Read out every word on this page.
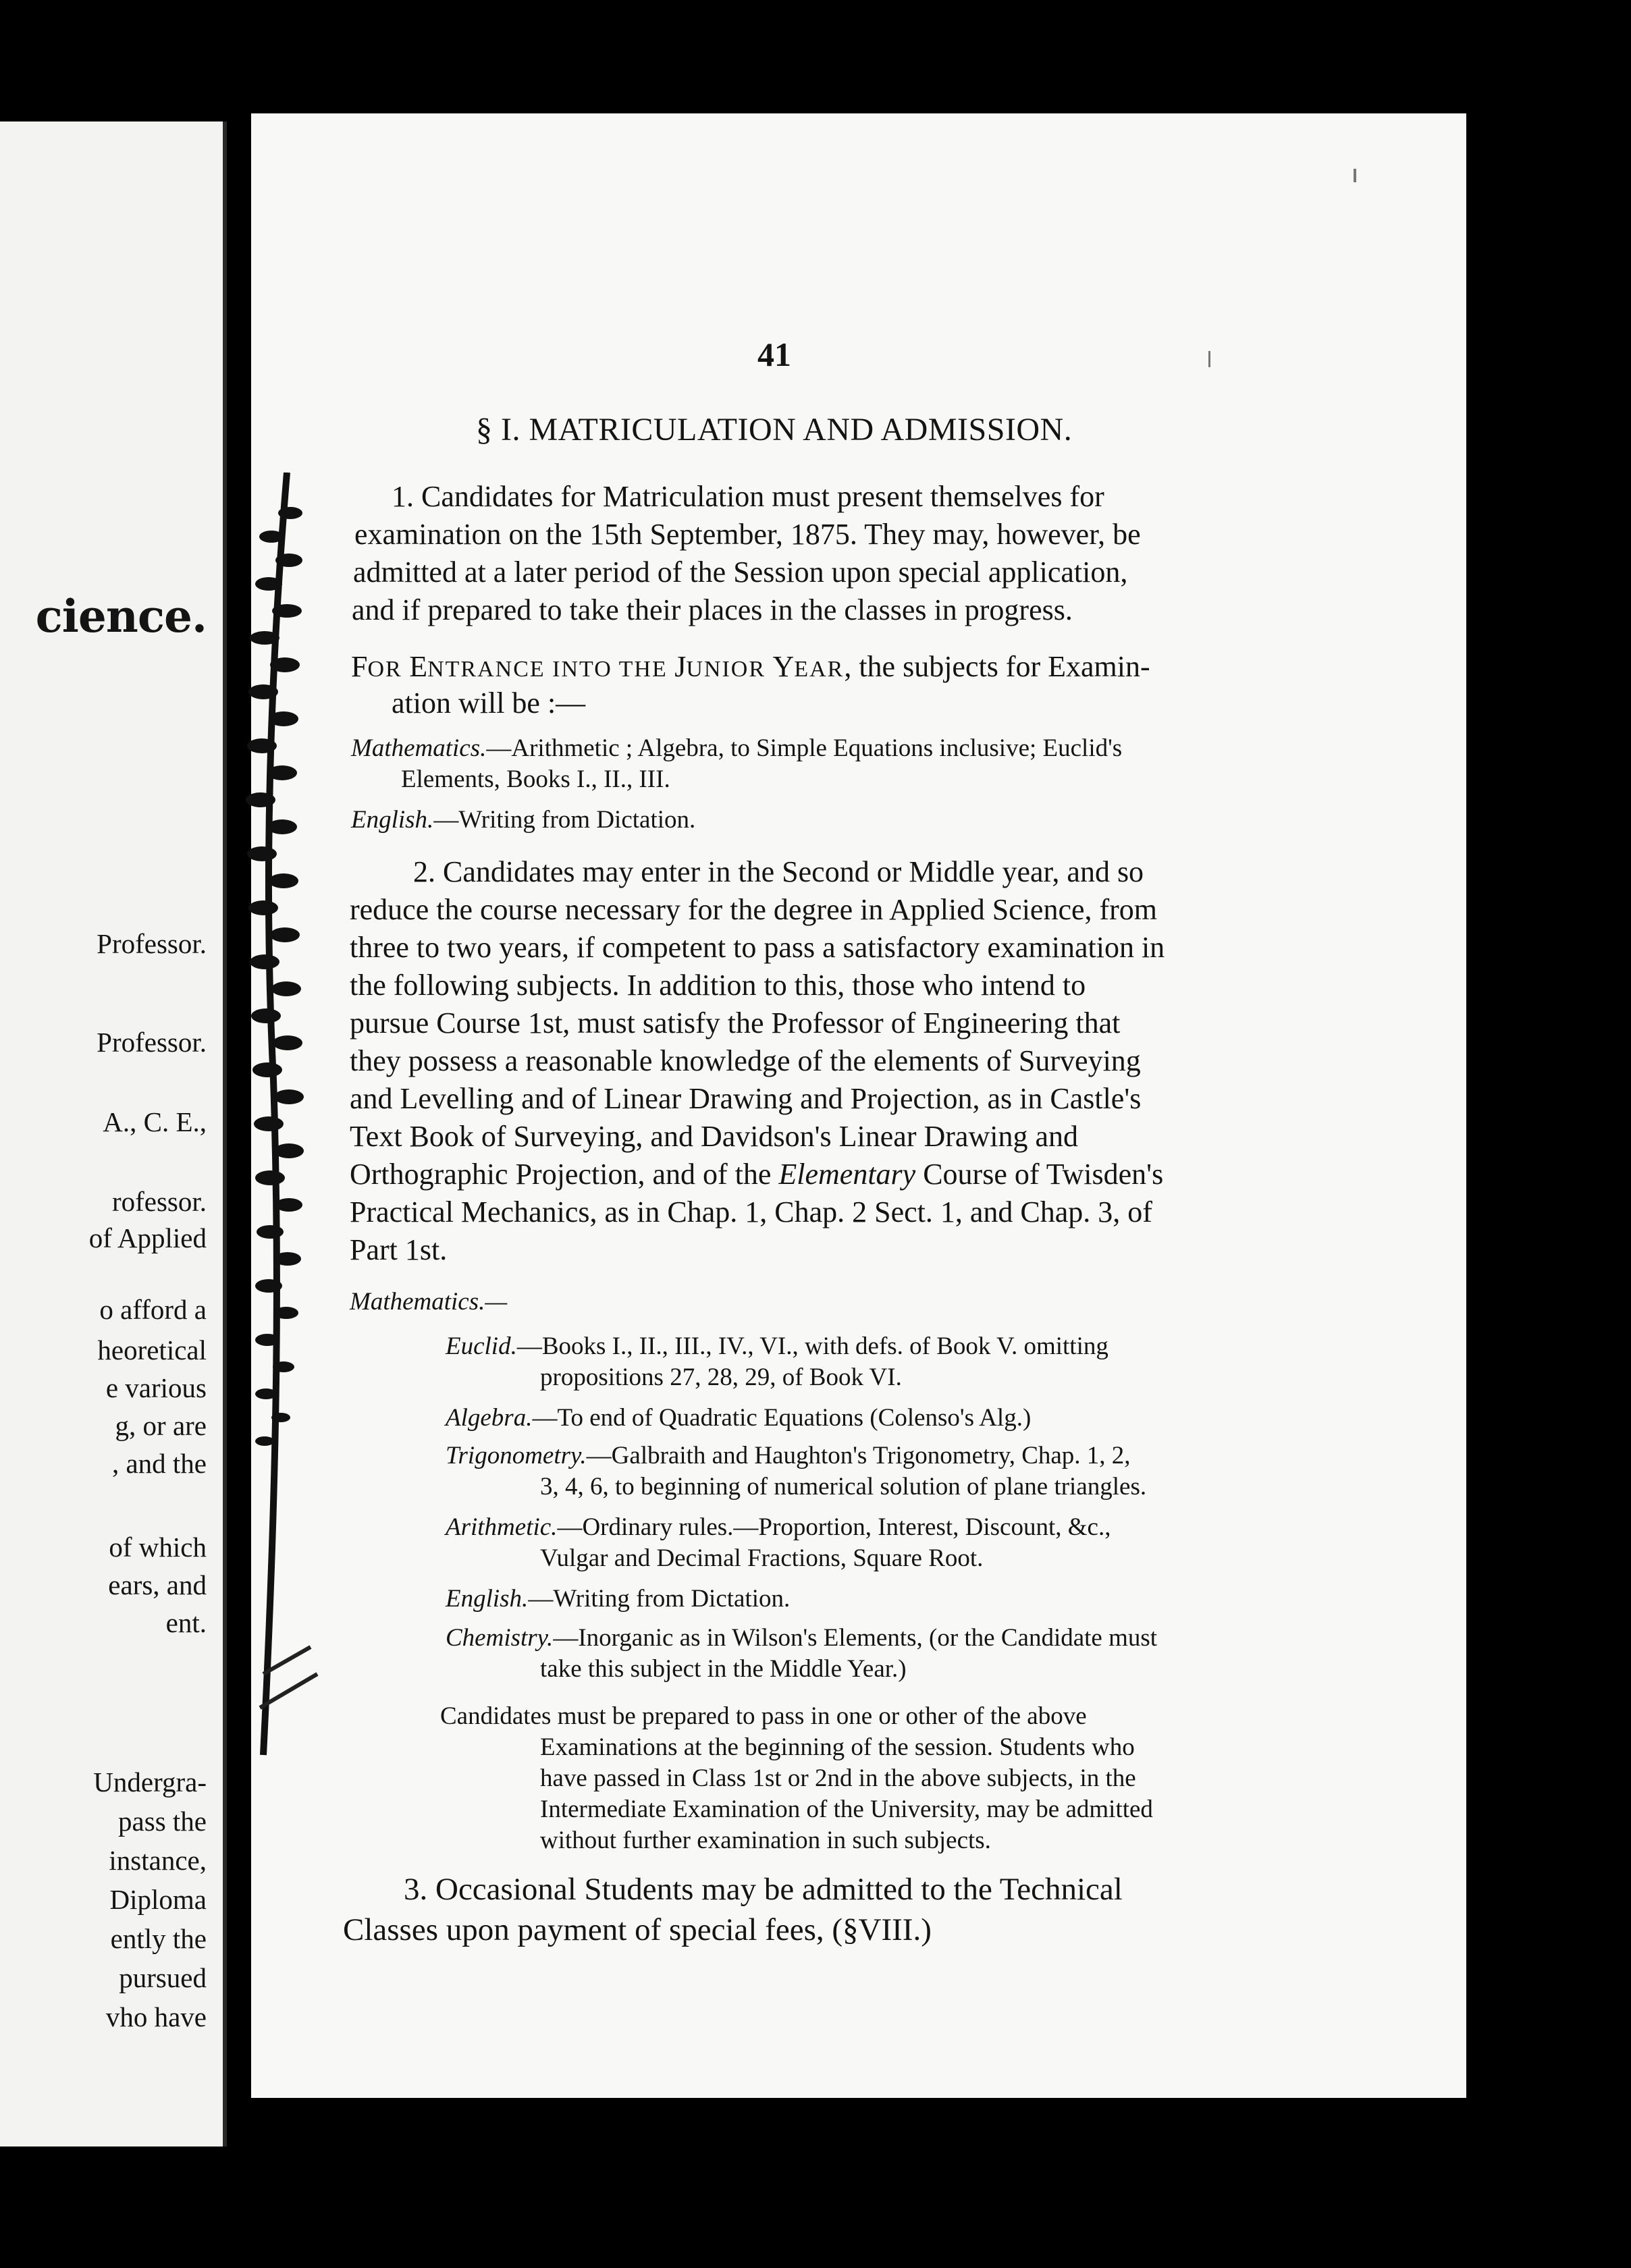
cience.
Professor.
Professor.
A., C. E.,
rofessor.
of Applied
o afford a
heoretical
e various
g, or are
, and the
of which
ears, and
ent.
Undergra-
pass the
instance,
Diploma
ently the
pursued
vho have
41
§ I. MATRICULATION AND ADMISSION.
1. Candidates for Matriculation must present themselves for
examination on the 15th September, 1875. They may, however, be
admitted at a later period of the Session upon special application,
and if prepared to take their places in the classes in progress.
FOR ENTRANCE INTO THE JUNIOR YEAR, the subjects for Examin-
ation will be :—
Mathematics.—Arithmetic ; Algebra, to Simple Equations inclusive; Euclid's
Elements, Books I., II., III.
English.—Writing from Dictation.
2. Candidates may enter in the Second or Middle year, and so
reduce the course necessary for the degree in Applied Science, from
three to two years, if competent to pass a satisfactory examination in
the following subjects. In addition to this, those who intend to
pursue Course 1st, must satisfy the Professor of Engineering that
they possess a reasonable knowledge of the elements of Surveying
and Levelling and of Linear Drawing and Projection, as in Castle's
Text Book of Surveying, and Davidson's Linear Drawing and
Orthographic Projection, and of the Elementary Course of Twisden's
Practical Mechanics, as in Chap. 1, Chap. 2 Sect. 1, and Chap. 3, of
Part 1st.
Mathematics.—
Euclid.—Books I., II., III., IV., VI., with defs. of Book V. omitting
propositions 27, 28, 29, of Book VI.
Algebra.—To end of Quadratic Equations (Colenso's Alg.)
Trigonometry.—Galbraith and Haughton's Trigonometry, Chap. 1, 2,
3, 4, 6, to beginning of numerical solution of plane triangles.
Arithmetic.—Ordinary rules.—Proportion, Interest, Discount, &c.,
Vulgar and Decimal Fractions, Square Root.
English.—Writing from Dictation.
Chemistry.—Inorganic as in Wilson's Elements, (or the Candidate must
take this subject in the Middle Year.)
Candidates must be prepared to pass in one or other of the above
Examinations at the beginning of the session. Students who
have passed in Class 1st or 2nd in the above subjects, in the
Intermediate Examination of the University, may be admitted
without further examination in such subjects.
3. Occasional Students may be admitted to the Technical
Classes upon payment of special fees, (§VIII.)
